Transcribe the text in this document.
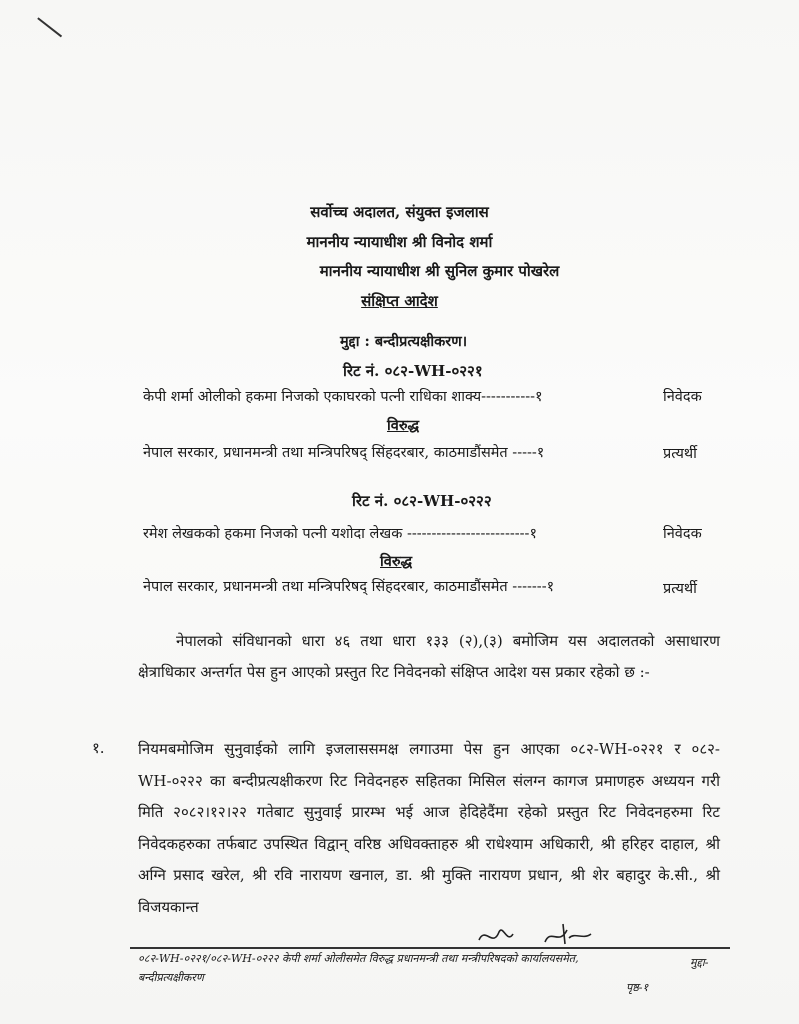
सर्वोच्च अदालत, संयुक्त इजलास
माननीय न्यायाधीश श्री विनोद शर्मा
माननीय न्यायाधीश श्री सुनिल कुमार पोखरेल
संक्षिप्त आदेश
मुद्दा : बन्दीप्रत्यक्षीकरण।
रिट नं. ०८२-WH-०२२१
केपी शर्मा ओलीको हकमा निजको एकाघरको पत्नी राधिका शाक्य-----------१	निवेदक
विरुद्ध
नेपाल सरकार, प्रधानमन्त्री तथा मन्त्रिपरिषद् सिंहदरबार, काठमाडौंसमेत -----१	प्रत्यर्थी
रिट नं. ०८२-WH-०२२२
रमेश लेखकको हकमा निजको पत्नी यशोदा लेखक -------------------------१	निवेदक
विरुद्ध
नेपाल सरकार, प्रधानमन्त्री तथा मन्त्रिपरिषद् सिंहदरबार, काठमाडौंसमेत -------१	प्रत्यर्थी
नेपालको संविधानको धारा ४६ तथा धारा १३३ (२),(३) बमोजिम यस अदालतको असाधारण क्षेत्राधिकार अन्तर्गत पेस हुन आएको प्रस्तुत रिट निवेदनको संक्षिप्त आदेश यस प्रकार रहेको छ :-
१. नियमबमोजिम सुनुवाईको लागि इजलाससमक्ष लगाउमा पेस हुन आएका ०८२-WH-०२२१ र ०८२-WH-०२२२ का बन्दीप्रत्यक्षीकरण रिट निवेदनहरु सहितका मिसिल संलग्न कागज प्रमाणहरु अध्ययन गरी मिति २०८२।१२।२२ गतेबाट सुनुवाई प्रारम्भ भई आज हेदिहेदैंमा रहेको प्रस्तुत रिट निवेदनहरुमा रिट निवेदकहरुका तर्फबाट उपस्थित विद्वान् वरिष्ठ अधिवक्ताहरु श्री राधेश्याम अधिकारी, श्री हरिहर दाहाल, श्री अग्नि प्रसाद खरेल, श्री रवि नारायण खनाल, डा. श्री मुक्ति नारायण प्रधान, श्री शेर बहादुर के.सी., श्री विजयकान्त
०८२-WH-०२२१/०८२-WH-०२२२ केपी शर्मा ओलीसमेत विरुद्ध प्रधानमन्त्री तथा मन्त्रीपरिषदको कार्यालयसमेत,	मुद्दा-
बन्दीप्रत्यक्षीकरण
पृष्ठ-१
